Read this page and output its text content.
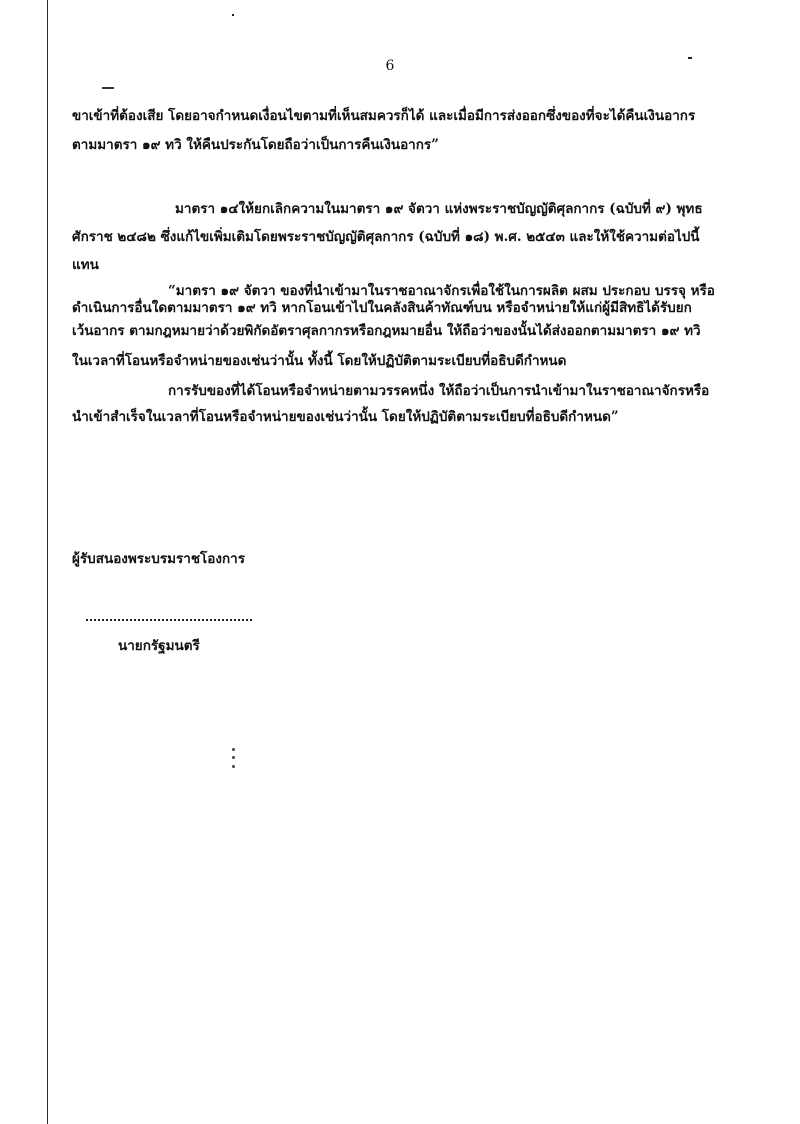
6
ขาเข้าที่ต้องเสีย โดยอาจกำหนดเงื่อนไขตามที่เห็นสมควรก็ได้ และเมื่อมีการส่งออกซึ่งของที่จะได้คืนเงินอากร
ตามมาตรา ๑๙ ทวิ ให้คืนประกันโดยถือว่าเป็นการคืนเงินอากร”
มาตรา ๑๔ให้ยกเลิกความในมาตรา ๑๙ จัตวา แห่งพระราชบัญญัติศุลกากร (ฉบับที่ ๙) พุทธ
ศักราช ๒๔๘๒ ซึ่งแก้ไขเพิ่มเติมโดยพระราชบัญญัติศุลกากร (ฉบับที่ ๑๘) พ.ศ. ๒๕๔๓ และให้ใช้ความต่อไปนี้
แทน
“มาตรา ๑๙ จัตวา ของที่นำเข้ามาในราชอาณาจักรเพื่อใช้ในการผลิต ผสม ประกอบ บรรจุ หรือ
ดำเนินการอื่นใดตามมาตรา ๑๙ ทวิ หากโอนเข้าไปในคลังสินค้าทัณฑ์บน หรือจำหน่ายให้แก่ผู้มีสิทธิได้รับยก
เว้นอากร ตามกฎหมายว่าด้วยพิกัดอัตราศุลกากรหรือกฎหมายอื่น ให้ถือว่าของนั้นได้ส่งออกตามมาตรา ๑๙ ทวิ
ในเวลาที่โอนหรือจำหน่ายของเช่นว่านั้น ทั้งนี้ โดยให้ปฏิบัติตามระเบียบที่อธิบดีกำหนด
การรับของที่ได้โอนหรือจำหน่ายตามวรรคหนึ่ง ให้ถือว่าเป็นการนำเข้ามาในราชอาณาจักรหรือ
นำเข้าสำเร็จในเวลาที่โอนหรือจำหน่ายของเช่นว่านั้น โดยให้ปฏิบัติตามระเบียบที่อธิบดีกำหนด”
ผู้รับสนองพระบรมราชโองการ
นายกรัฐมนตรี
